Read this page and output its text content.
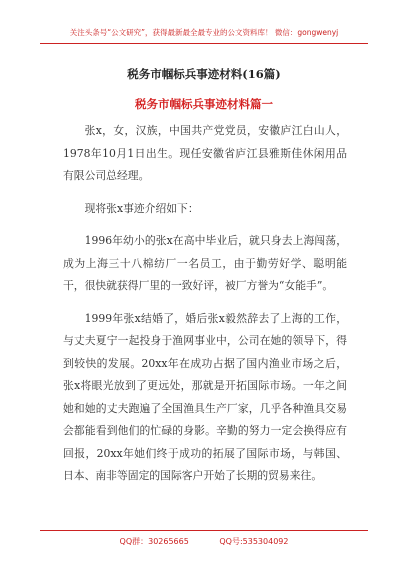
关注头条号“公文研究”，获得最新最全最专业的公文资料库！ 微信：gongwenyj
税务市帼标兵事迹材料(16篇)
税务市帼标兵事迹材料篇一

张x，女，汉族，中国共产党党员，安徽庐江白山人，1978年10月1日出生。现任安徽省庐江县雅斯佳休闲用品有限公司总经理。

现将张x事迹介绍如下：

1996年幼小的张x在高中毕业后，就只身去上海闯荡，成为上海三十八棉纺厂一名员工，由于勤劳好学、聪明能干，很快就获得厂里的一致好评，被厂方誉为“女能手”。

1999年张x结婚了，婚后张x毅然辞去了上海的工作，与丈夫夏宁一起投身于渔网事业中，公司在她的领导下，得到较快的发展。20xx年在成功占据了国内渔业市场之后，张x将眼光放到了更远处，那就是开拓国际市场。一年之间她和她的丈夫跑遍了全国渔具生产厂家，几乎各种渔具交易会都能看到他们的忙碌的身影。辛勤的努力一定会换得应有回报，20xx年她们终于成功的拓展了国际市场，与韩国、日本、南非等固定的国际客户开始了长期的贸易来往。

QQ群：30265665	QQ号:535304092
